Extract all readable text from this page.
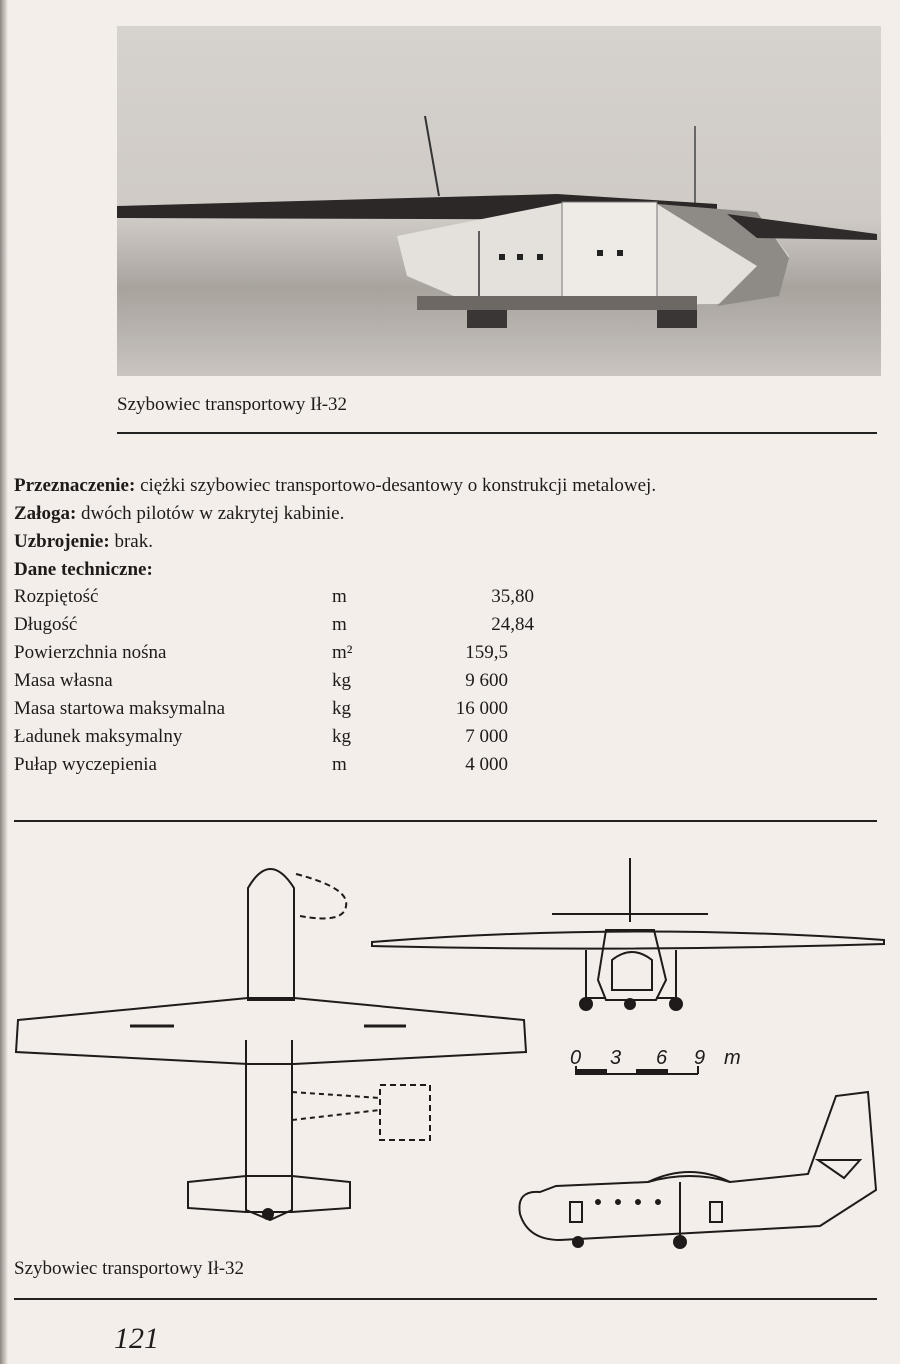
Szybowiec transportowy Ił-32
Przeznaczenie: ciężki szybowiec transportowo-desantowy o konstrukcji metalowej.
Załoga: dwóch pilotów w zakrytej kabinie.
Uzbrojenie: brak.
Dane techniczne:
Rozpiętość	m	35,80
Długość	m	24,84
Powierzchnia nośna	m²	159,5
Masa własna	kg	9 600
Masa startowa maksymalna	kg	16 000
Ładunek maksymalny	kg	7 000
Pułap wyczepienia	m	4 000
0 3 6 9 m
Szybowiec transportowy Ił-32
121
